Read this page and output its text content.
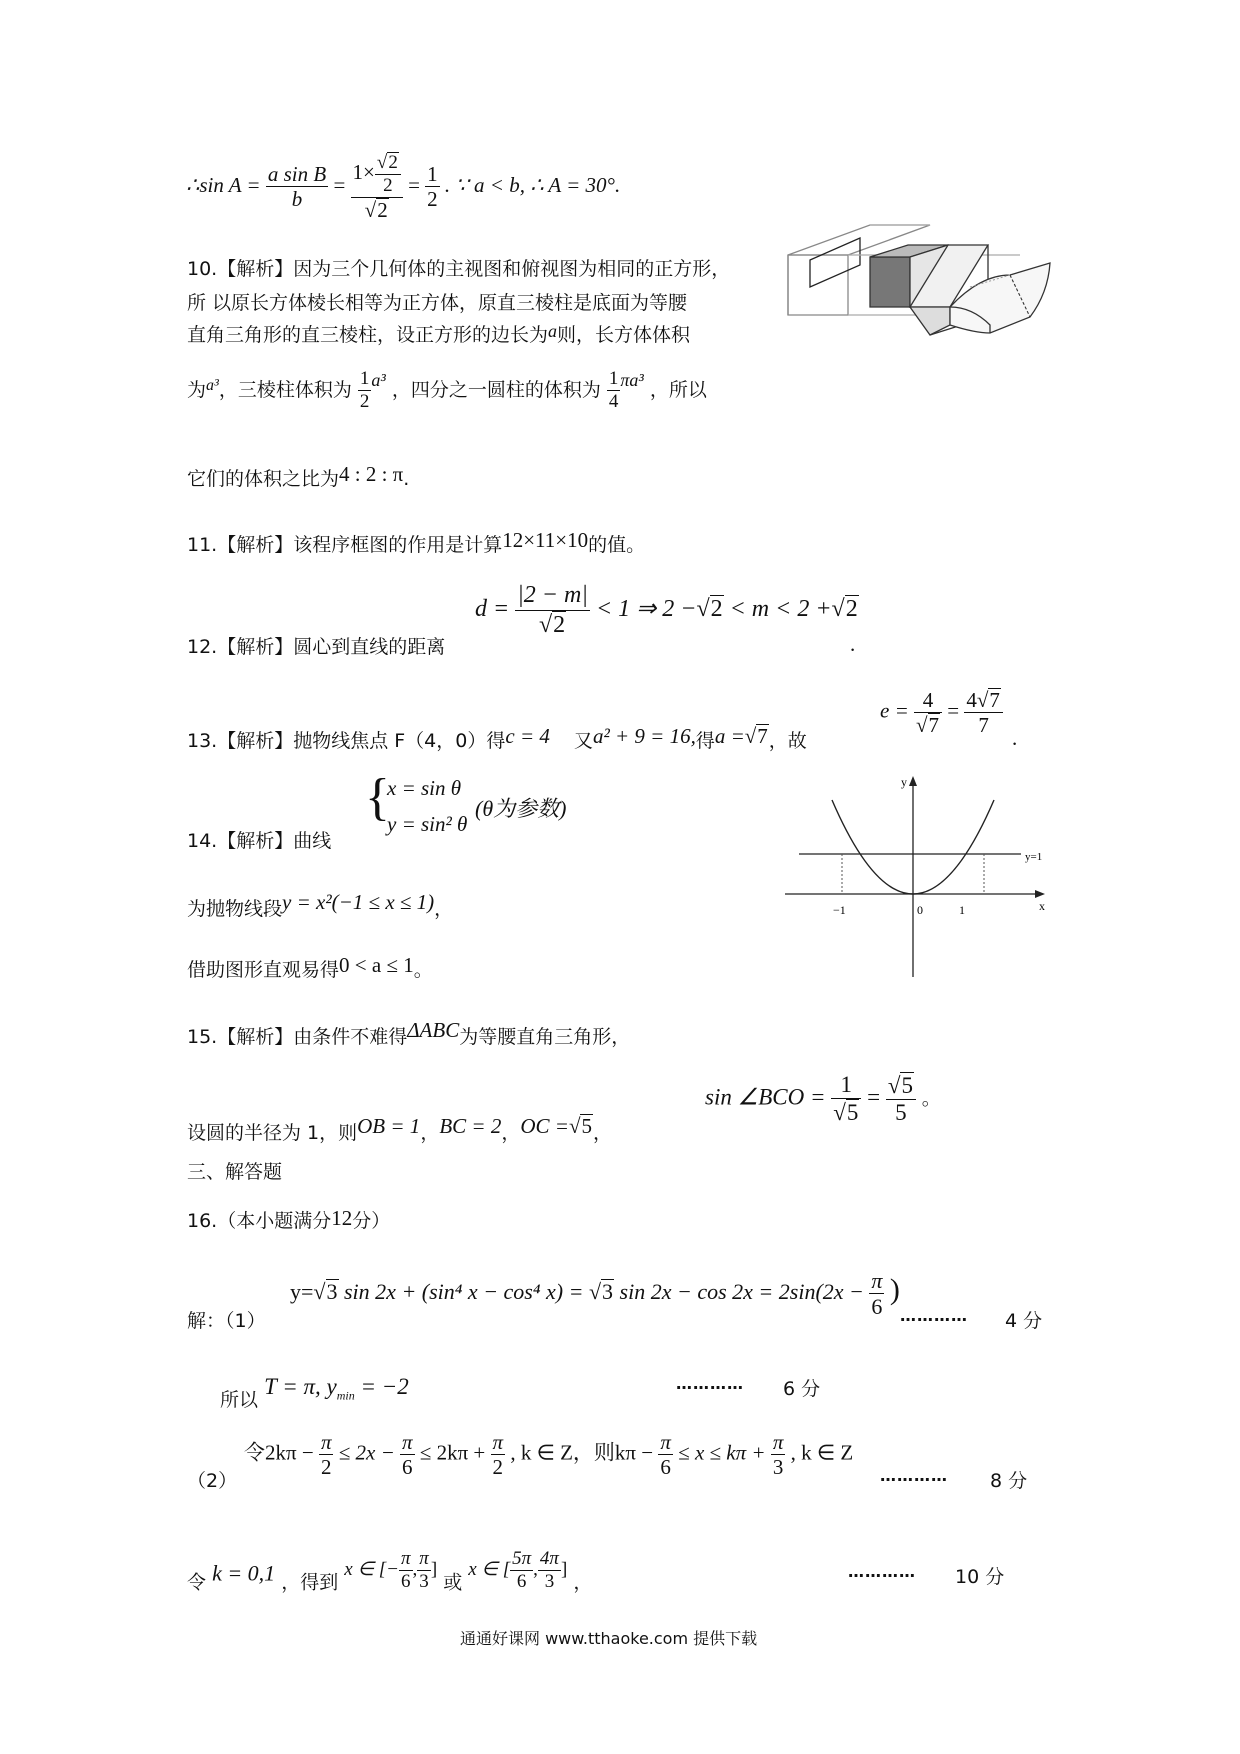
∴sin $A = \frac{\text{a sin B}}{b} = \frac{1\times \frac{√2}{2}}{√2} = \frac{1}{2}$ . ∵ a < b, ∴ A = 30°.
10.【解析】因为三个几何体的主视图和俯视图为相同的正方形，
所 以原长方体棱长相等为正方体，原直三棱柱是底面为等腰
直角三角形的直三棱柱，设正方形的边长为a则，长方体体积
为$^{a^3}$，三棱柱体积为 $\frac{1}{2} a^3$ ，四分之一圆柱的体积为 $\frac{1}{4} \pi a^3$ ，所以
它们的体积之比为4 : 2 : π.
11.【解析】该程序框图的作用是计算12×11×10的值。
$d = \frac{|2 - m|}{√2} < 1$ ⇒ 2 −√2 < m < 2 +√2
12.【解析】圆心到直线的距离	.
13.【解析】抛物线焦点 F（4，0）得c = 4 又a² + 9 = 16,得a =√7，故
$e = \frac{4}{√7} = \frac{4√7}{7}$
.
{
x = sin θ
y = sin² θ
(θ为参数)
14.【解析】曲线
为抛物线段y = x²(−1 ≤ x ≤ 1)，
借助图形直观易得0 < a ≤ 1。
y
x
y=1
−1	0	1
15.【解析】由条件不难得ΔABC为等腰直角三角形，
设圆的半径为 1，则OB = 1，BC = 2，OC =√5，
sin ∠BCO = $\frac{1}{√5} = \frac{√5}{5}$ 。
三、解答题
16.（本小题满分12分）
y=√3 sin 2x + (sin⁴ x − cos⁴ x) = √3 $\sin 2x - \cos 2x = 2\sin(2x - \frac{\pi}{6}$ )
解：（1）	………… 4 分
所以 T = π, $y_{min} = -2$	………… 6 分
令$2k\pi - \frac{\pi}{2} \le 2x - \frac{\pi}{6} \le 2k\pi + \frac{\pi}{2}$ , k ∈ Z，则$k\pi - \frac{\pi}{6} \le x \le k\pi + \frac{\pi}{3}$ , k ∈ Z
（2）	………… 8 分
令 k = 0,1 ，得到 x ∈ [− $\frac{\pi}{6}$ , $\frac{\pi}{3}$ ] 或 x ∈ [ $\frac{5\pi}{6}$ , $\frac{4\pi}{3}$ ] ，
………… 10 分
通通好课网 www.tthaoke.com 提供下载
